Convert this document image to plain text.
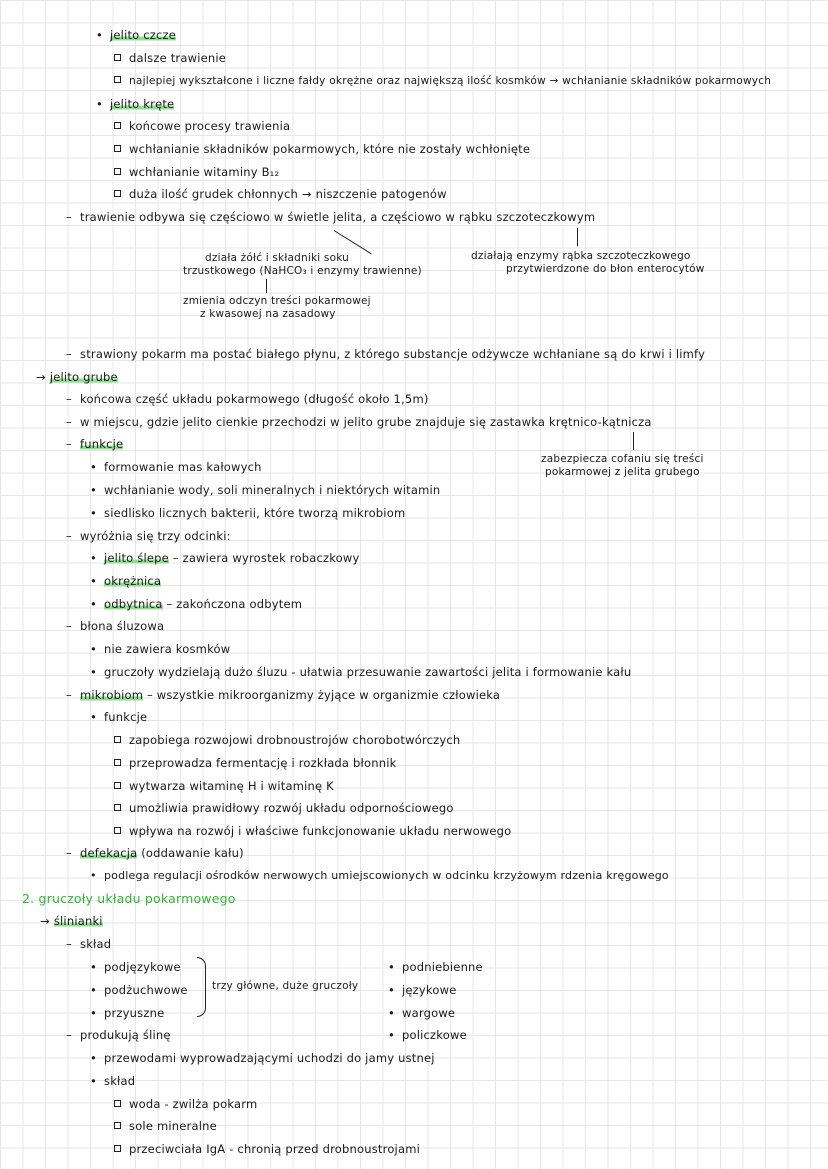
• jelito czcze
dalsze trawienie
najlepiej wykształcone i liczne fałdy okrężne oraz największą ilość kosmków → wchłanianie składników pokarmowych
• jelito kręte
końcowe procesy trawienia
wchłanianie składników pokarmowych, które nie zostały wchłonięte
wchłanianie witaminy B₁₂
duża ilość grudek chłonnych → niszczenie patogenów
– trawienie odbywa się częściowo w świetle jelita, a częściowo w rąbku szczoteczkowym
działa żółć i składniki soku
trzustkowego (NaHCO₃ i enzymy trawienne)
działają enzymy rąbka szczoteczkowego
przytwierdzone do błon enterocytów
zmienia odczyn treści pokarmowej
z kwasowej na zasadowy
– strawiony pokarm ma postać białego płynu, z którego substancje odżywcze wchłaniane są do krwi i limfy
→ jelito grube
– końcowa część układu pokarmowego (długość około 1,5m)
– w miejscu, gdzie jelito cienkie przechodzi w jelito grube znajduje się zastawka krętnico-kątnicza
– funkcje
zabezpiecza cofaniu się treści
pokarmowej z jelita grubego
• formowanie mas kałowych
• wchłanianie wody, soli mineralnych i niektórych witamin
• siedlisko licznych bakterii, które tworzą mikrobiom
– wyróżnia się trzy odcinki:
• jelito ślepe – zawiera wyrostek robaczkowy
• okrężnica
• odbytnica – zakończona odbytem
– błona śluzowa
• nie zawiera kosmków
• gruczoły wydzielają dużo śluzu - ułatwia przesuwanie zawartości jelita i formowanie kału
– mikrobiom – wszystkie mikroorganizmy żyjące w organizmie człowieka
• funkcje
zapobiega rozwojowi drobnoustrojów chorobotwórczych
przeprowadza fermentację i rozkłada błonnik
wytwarza witaminę H i witaminę K
umożliwia prawidłowy rozwój układu odpornościowego
wpływa na rozwój i właściwe funkcjonowanie układu nerwowego
– defekacja (oddawanie kału)
• podlega regulacji ośrodków nerwowych umiejscowionych w odcinku krzyżowym rdzenia kręgowego
2. gruczoły układu pokarmowego
→ ślinianki
– skład
• podjęzykowe
• podżuchwowe
• przyuszne
trzy główne, duże gruczoły
• podniebienne
• językowe
• wargowe
• policzkowe
– produkują ślinę
• przewodami wyprowadzającymi uchodzi do jamy ustnej
• skład
woda - zwilża pokarm
sole mineralne
przeciwciała IgA - chronią przed drobnoustrojami
